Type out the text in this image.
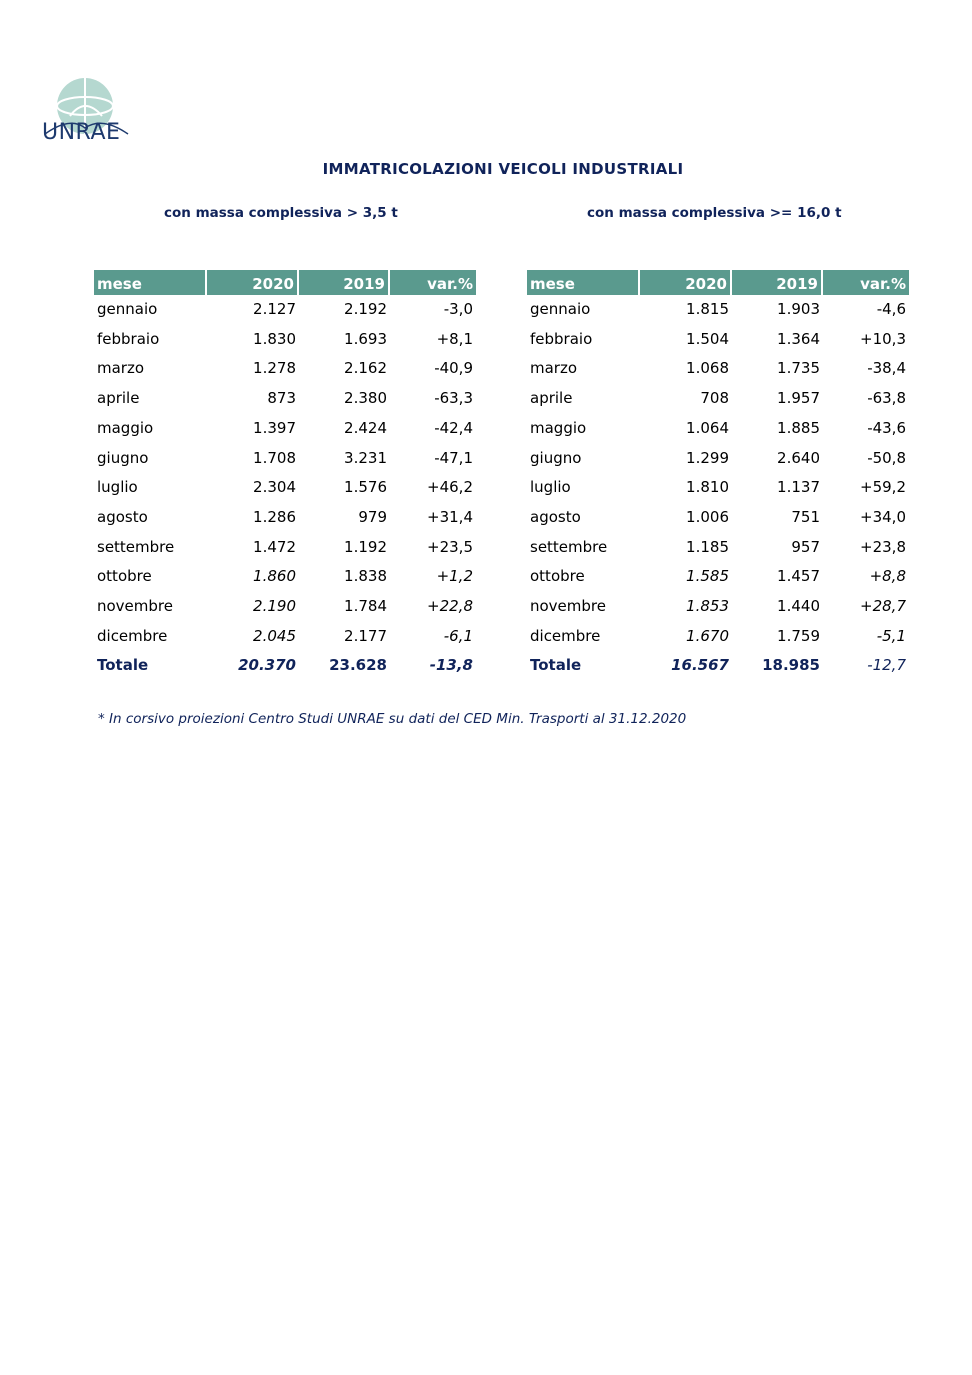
UNRAE
IMMATRICOLAZIONI VEICOLI INDUSTRIALI
con massa complessiva > 3,5 t	con massa complessiva >= 16,0 t
mese	2020	2019	var.%
gennaio	2.127	2.192	-3,0
febbraio	1.830	1.693	+8,1
marzo	1.278	2.162	-40,9
aprile	873	2.380	-63,3
maggio	1.397	2.424	-42,4
giugno	1.708	3.231	-47,1
luglio	2.304	1.576	+46,2
agosto	1.286	979	+31,4
settembre	1.472	1.192	+23,5
ottobre	1.860	1.838	+1,2
novembre	2.190	1.784	+22,8
dicembre	2.045	2.177	-6,1
Totale	20.370	23.628	-13,8
mese	2020	2019	var.%
gennaio	1.815	1.903	-4,6
febbraio	1.504	1.364	+10,3
marzo	1.068	1.735	-38,4
aprile	708	1.957	-63,8
maggio	1.064	1.885	-43,6
giugno	1.299	2.640	-50,8
luglio	1.810	1.137	+59,2
agosto	1.006	751	+34,0
settembre	1.185	957	+23,8
ottobre	1.585	1.457	+8,8
novembre	1.853	1.440	+28,7
dicembre	1.670	1.759	-5,1
Totale	16.567	18.985	-12,7
* In corsivo proiezioni Centro Studi UNRAE su dati del CED Min. Trasporti al 31.12.2020
